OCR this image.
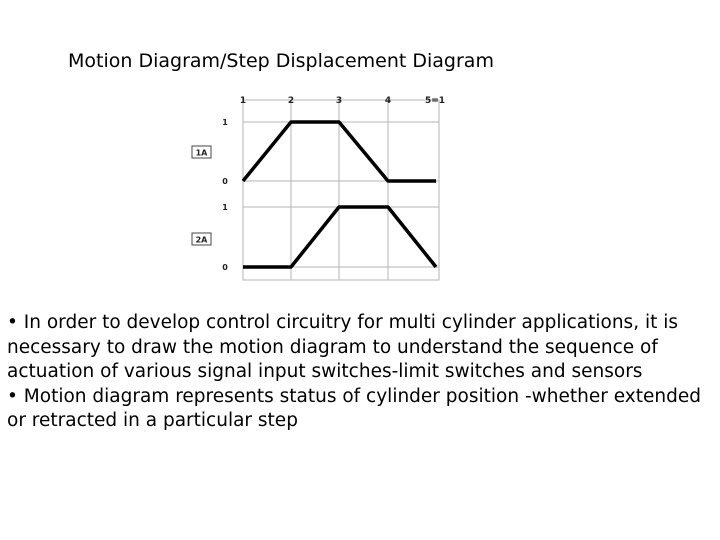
Motion Diagram/Step Displacement Diagram
1	2	3	4	5=1
1
0
1
0
1A
2A

• In order to develop control circuitry for multi cylinder applications, it is necessary to draw the motion diagram to understand the sequence of actuation of various signal input switches-limit switches and sensors

• Motion diagram represents status of cylinder position -whether extended or retracted in a particular step
